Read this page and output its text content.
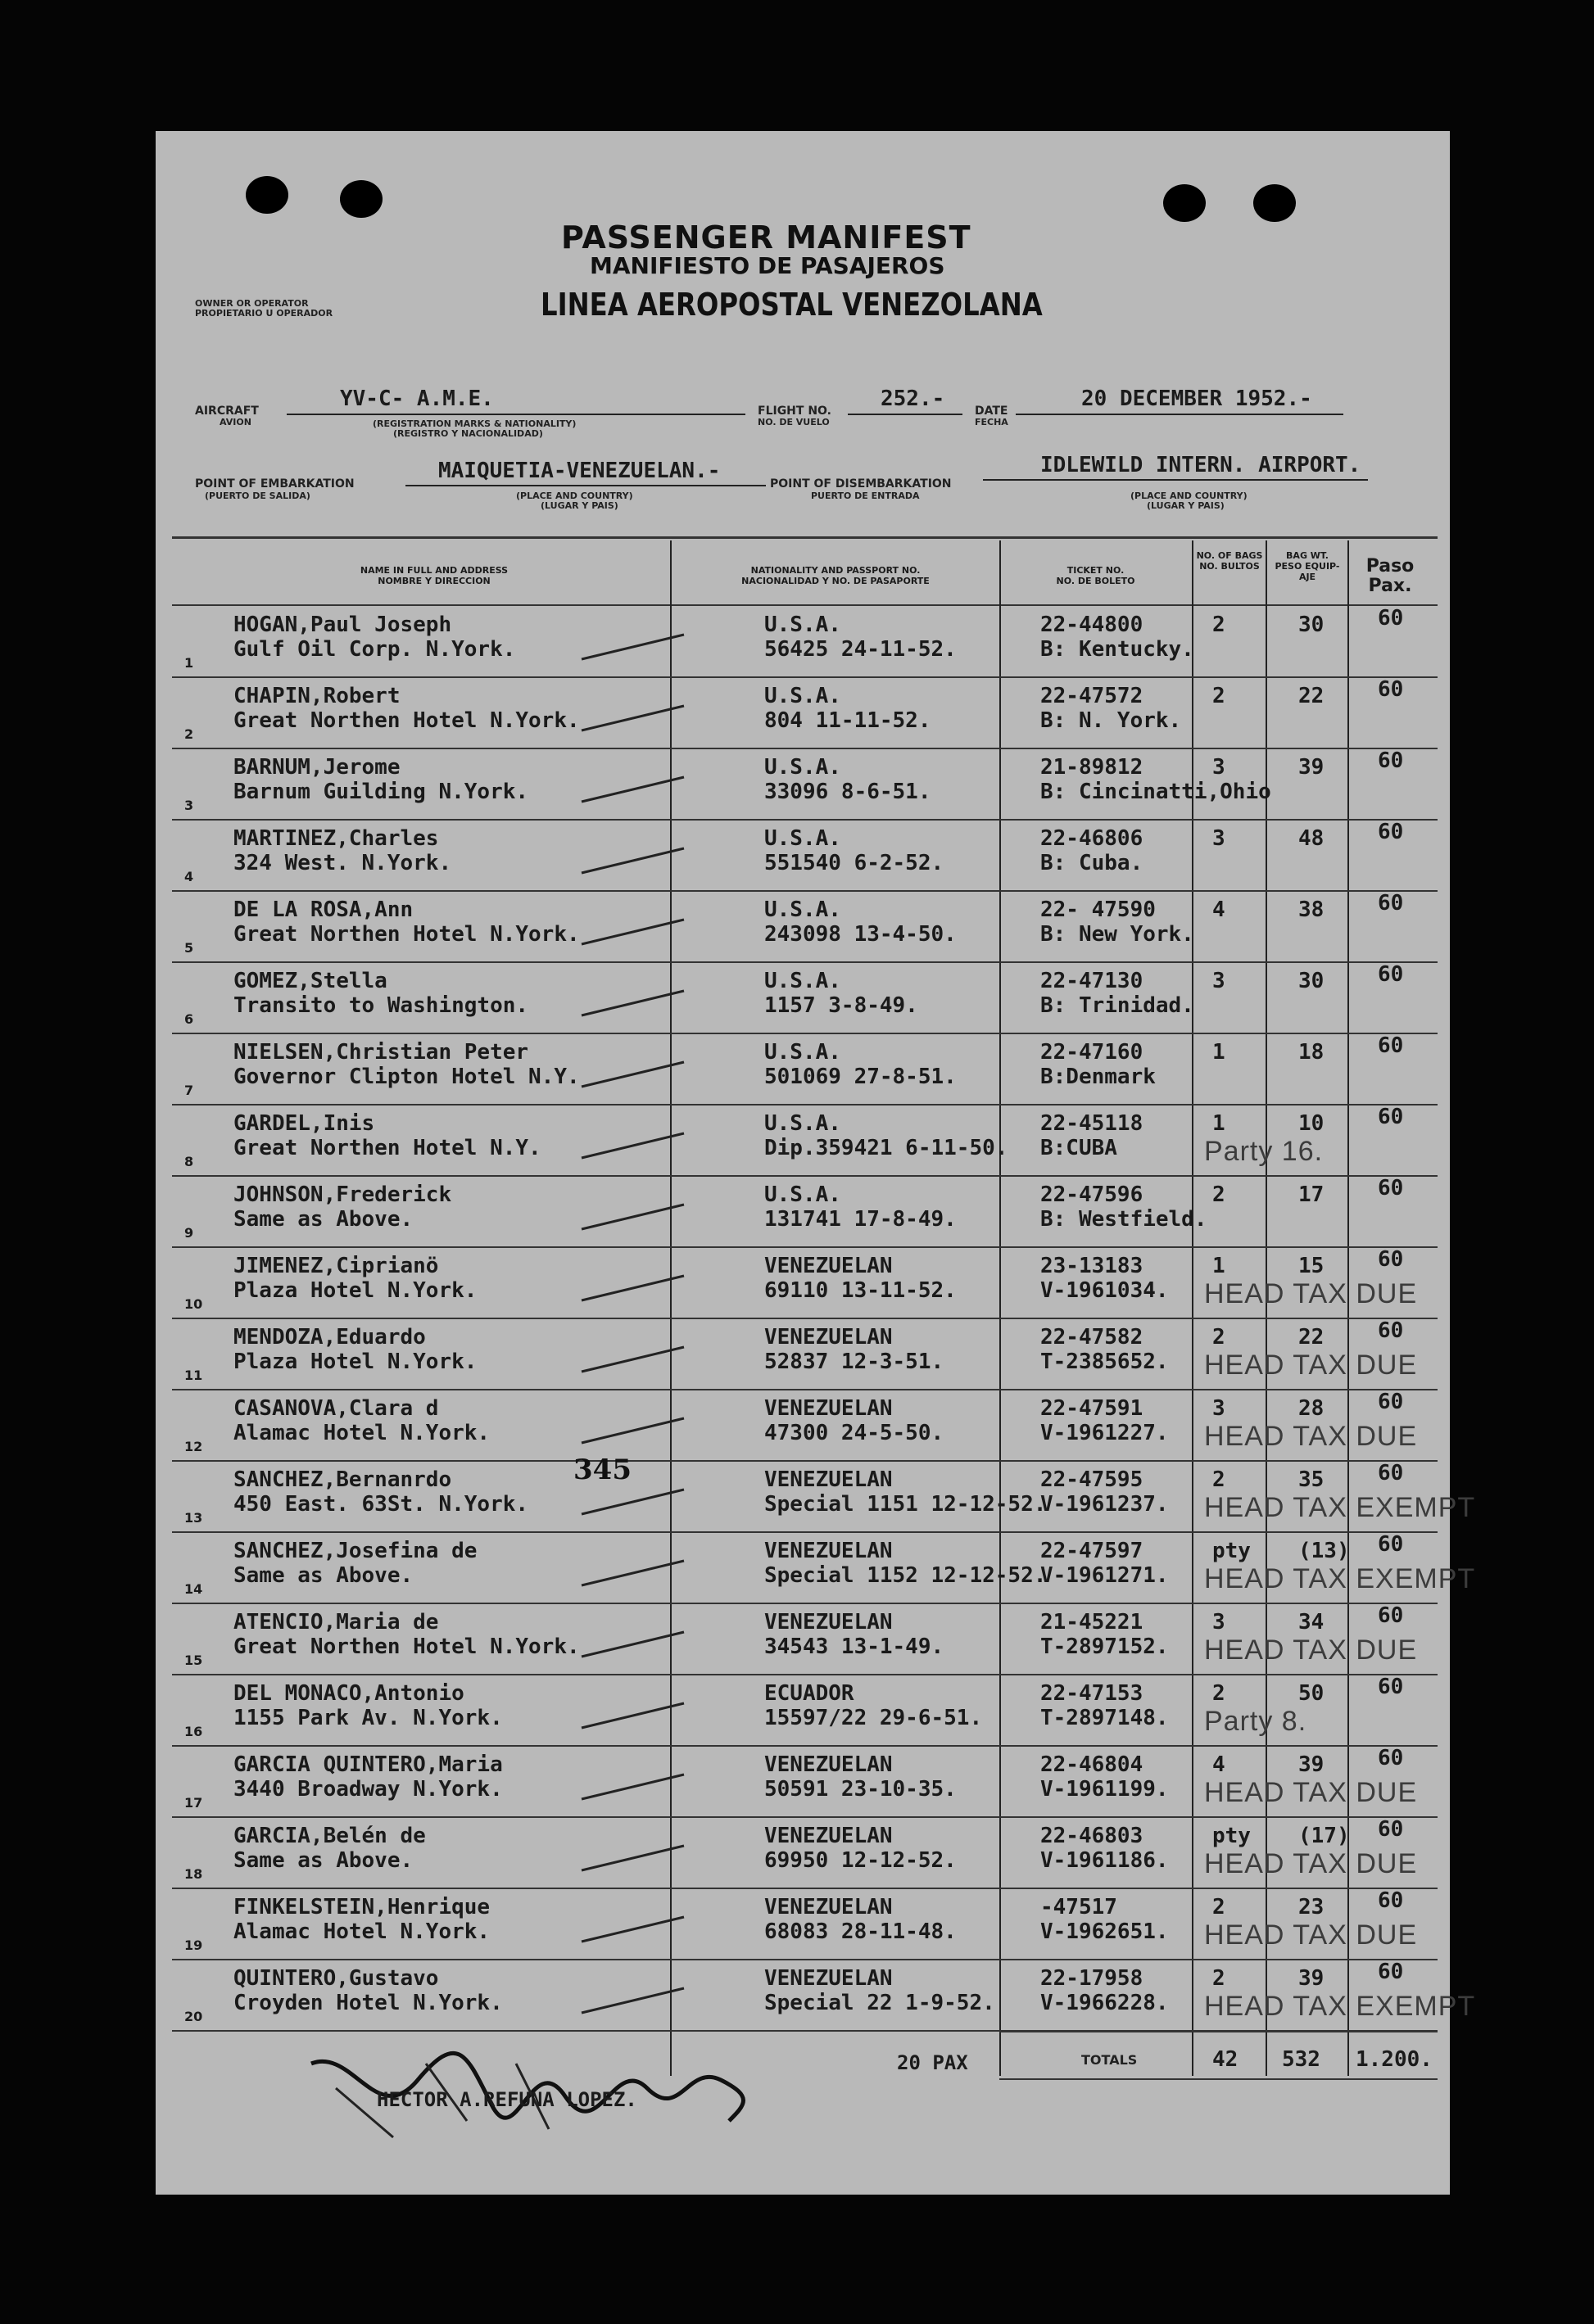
PASSENGER MANIFEST
MANIFIESTO DE PASAJEROS
OWNER OR OPERATOR
PROPIETARIO U OPERADOR	LINEA AEROPOSTAL VENEZOLANA
AIRCRAFT
AVION
YV-C- A.M.E.
(REGISTRATION MARKS & NATIONALITY)
(REGISTRO Y NACIONALIDAD)
FLIGHT NO.
NO. DE VUELO
252.-	DATE
FECHA
20 DECEMBER 1952.-
POINT OF EMBARKATION
(PUERTO DE SALIDA)
MAIQUETIA-VENEZUELAN.-
(PLACE AND COUNTRY)
(LUGAR Y PAIS)
POINT OF DISEMBARKATION
PUERTO DE ENTRADA
IDLEWILD INTERN. AIRPORT.
(PLACE AND COUNTRY)
(LUGAR Y PAIS)
NAME IN FULL AND ADDRESS
NOMBRE Y DIRECCION
NATIONALITY AND PASSPORT NO.
NACIONALIDAD Y NO. DE PASAPORTE
TICKET NO.
NO. DE BOLETO
NO. OF BAGS
NO. BULTOS
BAG WT.
PESO EQUIP-AJE
Paso Pax.
1
HOGAN,Paul Joseph
Gulf Oil Corp. N.York.
U.S.A.
56425 24-11-52.
22-44800
B: Kentucky.
2	30	60
2
CHAPIN,Robert
Great Northen Hotel N.York.
U.S.A.
804 11-11-52.
22-47572
B: N. York.
2	22	60
3
BARNUM,Jerome
Barnum Guilding N.York.
U.S.A.
33096 8-6-51.
21-89812
B: Cincinatti,Ohio
3	39	60
4
MARTINEZ,Charles
324 West. N.York.
U.S.A.
551540 6-2-52.
22-46806
B: Cuba.
3	48	60
5
DE LA ROSA,Ann
Great Northen Hotel N.York.
U.S.A.
243098 13-4-50.
22- 47590
B: New York.
4	38	60
6
GOMEZ,Stella
Transito to Washington.
U.S.A.
1157 3-8-49.
22-47130
B: Trinidad.
3	30	60
7
NIELSEN,Christian Peter
Governor Clipton Hotel N.Y.
U.S.A.
501069 27-8-51.
22-47160
B:Denmark
1	18	60
8
GARDEL,Inis
Great Northen Hotel N.Y.
U.S.A.
Dip.359421 6-11-50.
22-45118
B:CUBA
1	10	60
Party 16.
9
JOHNSON,Frederick
Same as Above.
U.S.A.
131741 17-8-49.
22-47596
B: Westfield.
2	17	60
10
JIMENEZ,Ciprianö
Plaza Hotel N.York.
VENEZUELAN
69110 13-11-52.
23-13183
V-1961034.
1	15	60
HEAD TAX DUE
11
MENDOZA,Eduardo
Plaza Hotel N.York.
VENEZUELAN
52837 12-3-51.
22-47582
T-2385652.
2	22	60
HEAD TAX DUE
12
CASANOVA,Clara d
Alamac Hotel N.York.
VENEZUELAN
47300 24-5-50.
22-47591
V-1961227.
3	28	60
HEAD TAX DUE
13
SANCHEZ,Bernanrdo
450 East. 63St. N.York.
VENEZUELAN
Special 1151 12-12-52.
22-47595
V-1961237.
2	35	60
HEAD TAX EXEMPT
14
SANCHEZ,Josefina de
Same as Above.
VENEZUELAN
Special 1152 12-12-52.
22-47597
V-1961271.
pty (13) 60
HEAD TAX EXEMPT
15
ATENCIO,Maria de
Great Northen Hotel N.York.
VENEZUELAN
34543 13-1-49.
21-45221
T-2897152.
3	34	60
HEAD TAX DUE
16
DEL MONACO,Antonio
1155 Park Av. N.York.
ECUADOR
15597/22 29-6-51.
22-47153
T-2897148.
2	50	60
Party 8.
17
GARCIA QUINTERO,Maria
3440 Broadway N.York.
VENEZUELAN
50591 23-10-35.
22-46804
V-1961199.
4	39	60
HEAD TAX DUE
18
GARCIA,Belén de
Same as Above.
VENEZUELAN
69950 12-12-52.
22-46803
V-1961186.
pty (17) 60
HEAD TAX DUE
19
FINKELSTEIN,Henrique
Alamac Hotel N.York.
VENEZUELAN
68083 28-11-48.
-47517
V-1962651.
2	23	60
HEAD TAX DUE
20
QUINTERO,Gustavo
Croyden Hotel N.York.
VENEZUELAN
Special 22 1-9-52.
22-17958
V-1966228.
2	39	60
HEAD TAX EXEMPT
20 PAX	TOTALS	42 532 1.200.
345
HECTOR A.REFUNA LOPEZ.
